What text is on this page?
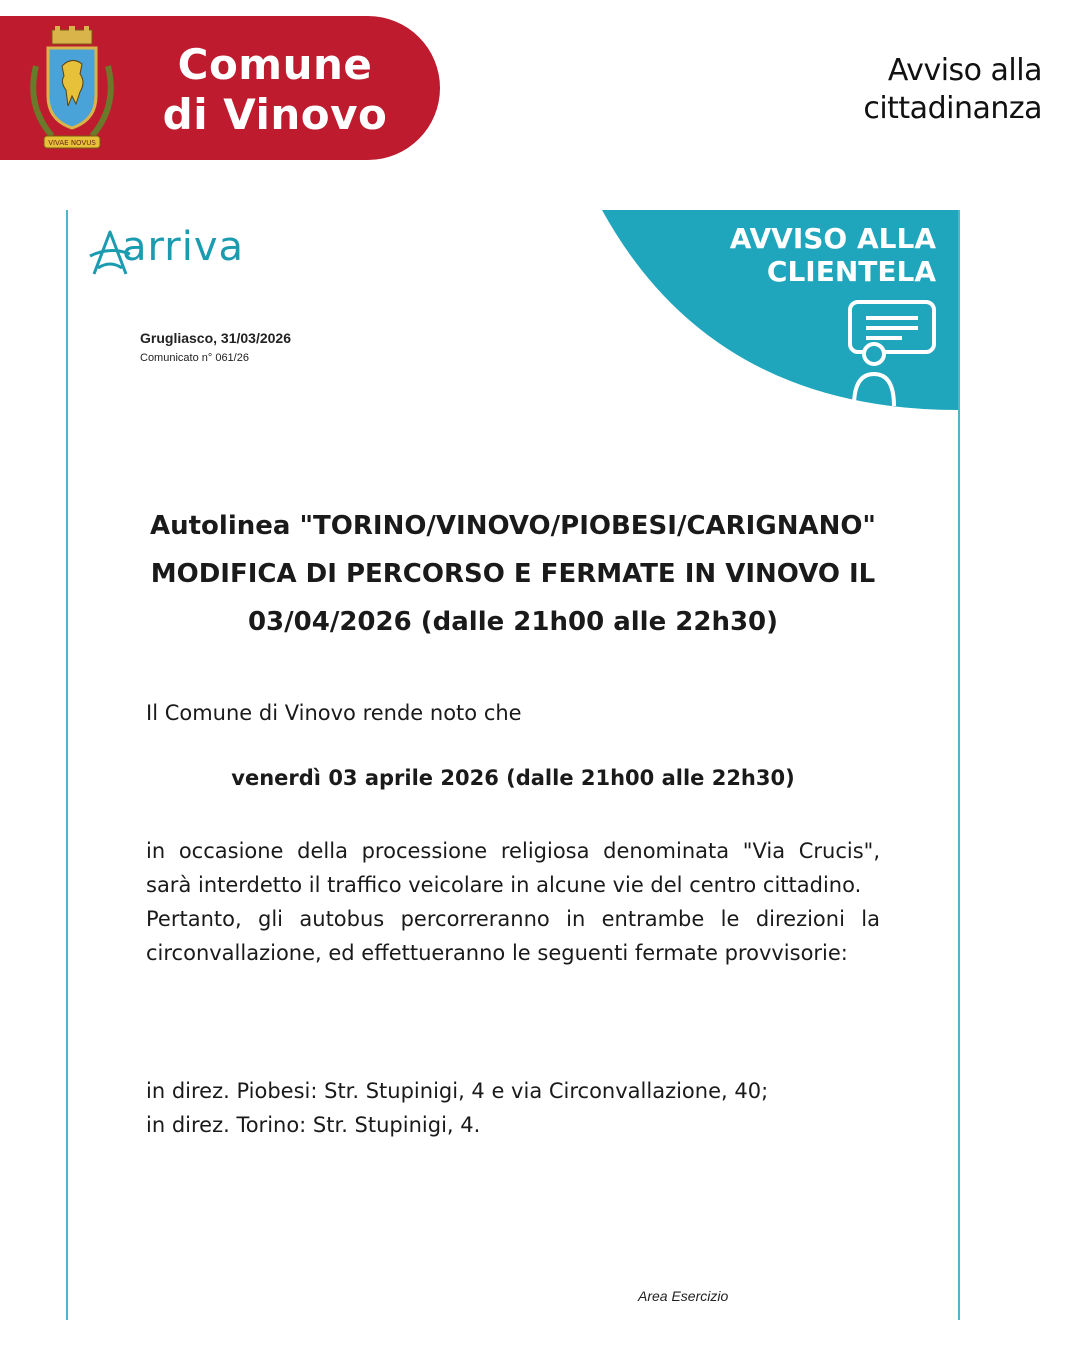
VIVAE NOVUS
Comune
di Vinovo
Avviso alla
cittadinanza
arriva	AVVISO ALLA
CLIENTELA
Grugliasco, 31/03/2026
Comunicato n° 061/26
Autolinea "TORINO/VINOVO/PIOBESI/CARIGNANO"
MODIFICA DI PERCORSO E FERMATE IN VINOVO IL
03/04/2026 (dalle 21h00 alle 22h30)
Il Comune di Vinovo rende noto che
venerdì 03 aprile 2026 (dalle 21h00 alle 22h30)
in occasione della processione religiosa denominata "Via Crucis", sarà interdetto il traffico veicolare in alcune vie del centro cittadino.
Pertanto, gli autobus percorreranno in entrambe le direzioni la circonvallazione, ed effettueranno le seguenti fermate provvisorie:
in direz. Piobesi: Str. Stupinigi, 4 e via Circonvallazione, 40;
in direz. Torino: Str. Stupinigi, 4.
Area Esercizio
